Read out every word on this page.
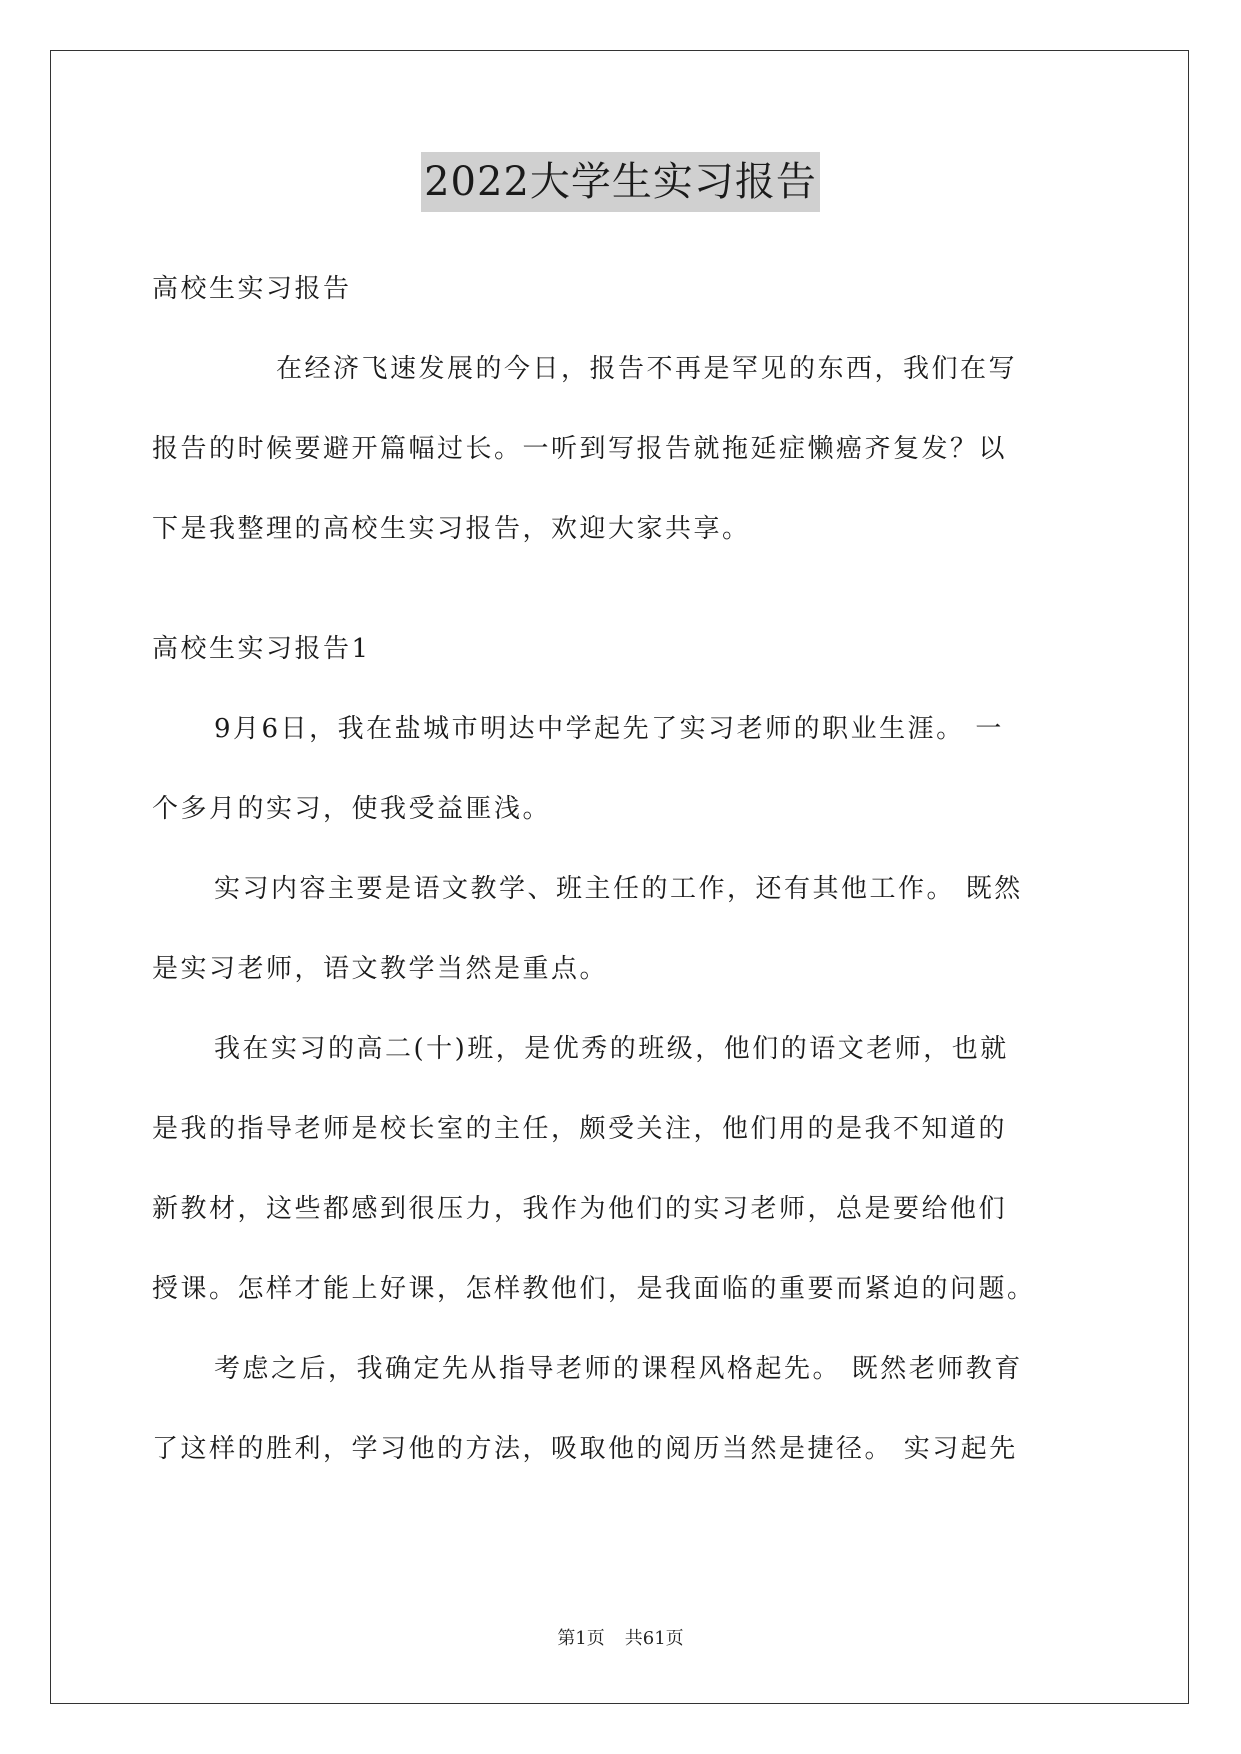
2022大学生实习报告
高校生实习报告
在经济飞速发展的今日，报告不再是罕见的东西，我们在写
报告的时候要避开篇幅过长。一听到写报告就拖延症懒癌齐复发？以
下是我整理的高校生实习报告，欢迎大家共享。
高校生实习报告1
9月6日，我在盐城市明达中学起先了实习老师的职业生涯。 一
个多月的实习，使我受益匪浅。
实习内容主要是语文教学、班主任的工作，还有其他工作。 既然
是实习老师，语文教学当然是重点。
我在实习的高二(十)班，是优秀的班级，他们的语文老师，也就
是我的指导老师是校长室的主任，颇受关注，他们用的是我不知道的
新教材，这些都感到很压力，我作为他们的实习老师，总是要给他们
授课。怎样才能上好课，怎样教他们，是我面临的重要而紧迫的问题。
考虑之后，我确定先从指导老师的课程风格起先。 既然老师教育
了这样的胜利，学习他的方法，吸取他的阅历当然是捷径。 实习起先
第1页 共61页
